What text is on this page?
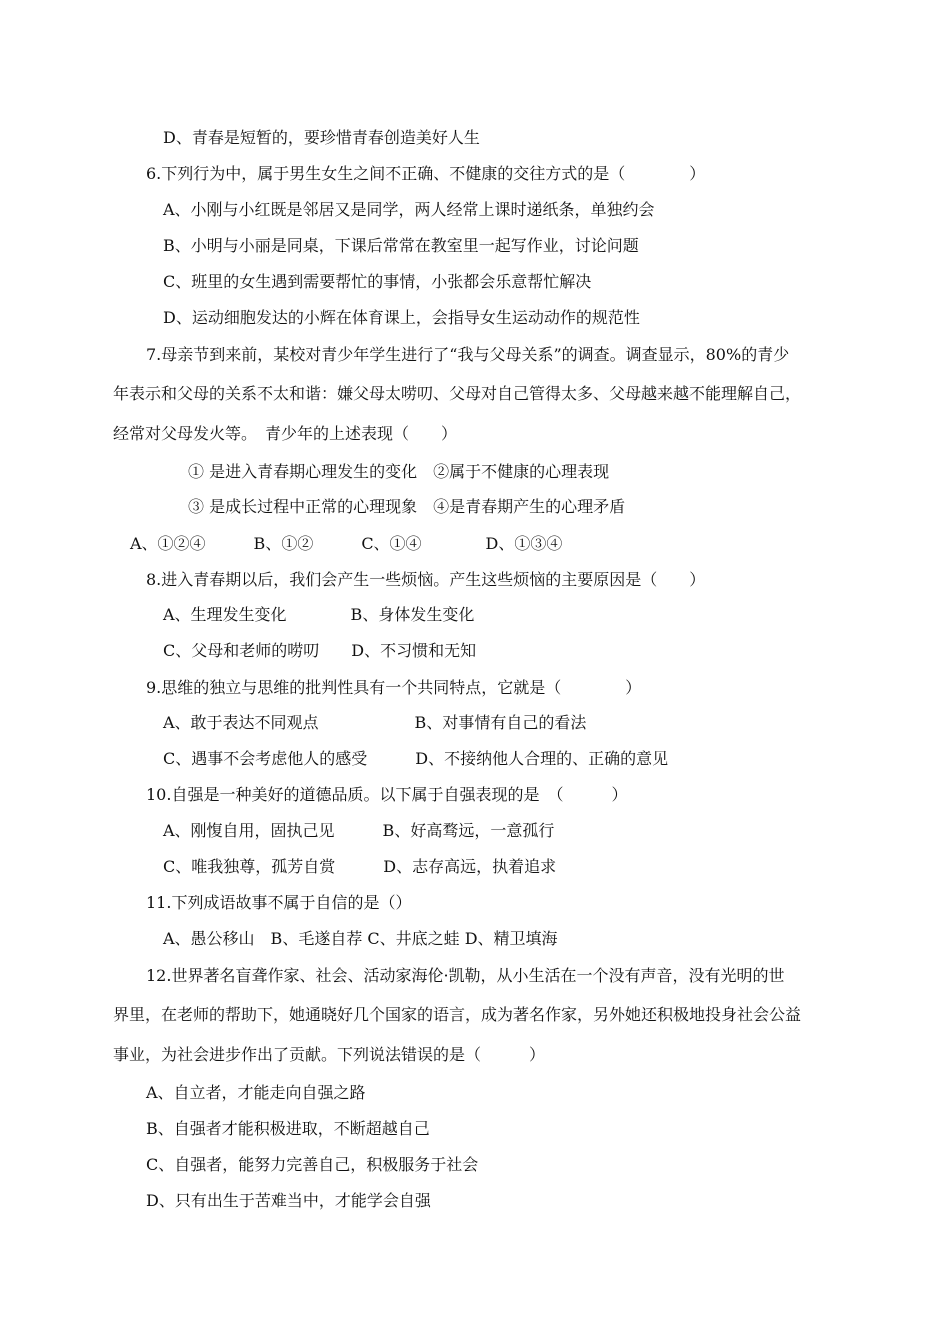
D、青春是短暂的，要珍惜青春创造美好人生
6.下列行为中，属于男生女生之间不正确、不健康的交往方式的是（　　　　）
A、小刚与小红既是邻居又是同学，两人经常上课时递纸条，单独约会
B、小明与小丽是同桌，下课后常常在教室里一起写作业，讨论问题
C、班里的女生遇到需要帮忙的事情，小张都会乐意帮忙解决
D、运动细胞发达的小辉在体育课上，会指导女生运动动作的规范性
7.母亲节到来前，某校对青少年学生进行了“我与父母关系”的调查。调查显示，80%的青少
年表示和父母的关系不太和谐：嫌父母太唠叨、父母对自己管得太多、父母越来越不能理解自己，
经常对父母发火等。　青少年的上述表现（　　）
① 是进入青春期心理发生的变化　②属于不健康的心理表现
③ 是成长过程中正常的心理现象　④是青春期产生的心理矛盾
A、①②④　　　B、①②　　　C、①④　　　　D、①③④
8.进入青春期以后，我们会产生一些烦恼。产生这些烦恼的主要原因是（　　）
A、生理发生变化　　　　B、身体发生变化
C、父母和老师的唠叨　　D、不习惯和无知
9.思维的独立与思维的批判性具有一个共同特点，它就是（　　　　）
A、敢于表达不同观点　　　　　　B、对事情有自己的看法
C、遇事不会考虑他人的感受　　　D、不接纳他人合理的、正确的意见
10.自强是一种美好的道德品质。以下属于自强表现的是　（　　　）
A、刚愎自用，固执己见　　　B、好高骛远，一意孤行
C、唯我独尊，孤芳自赏　　　D、志存高远，执着追求
11.下列成语故事不属于自信的是（）
A、愚公移山　B、毛遂自荐 C、井底之蛙 D、精卫填海
12.世界著名盲聋作家、社会、活动家海伦·凯勒，从小生活在一个没有声音，没有光明的世
界里，在老师的帮助下，她通晓好几个国家的语言，成为著名作家，另外她还积极地投身社会公益
事业，为社会进步作出了贡献。下列说法错误的是（　　　）
A、自立者，才能走向自强之路
B、自强者才能积极进取，不断超越自己
C、自强者，能努力完善自己，积极服务于社会
D、只有出生于苦难当中，才能学会自强
